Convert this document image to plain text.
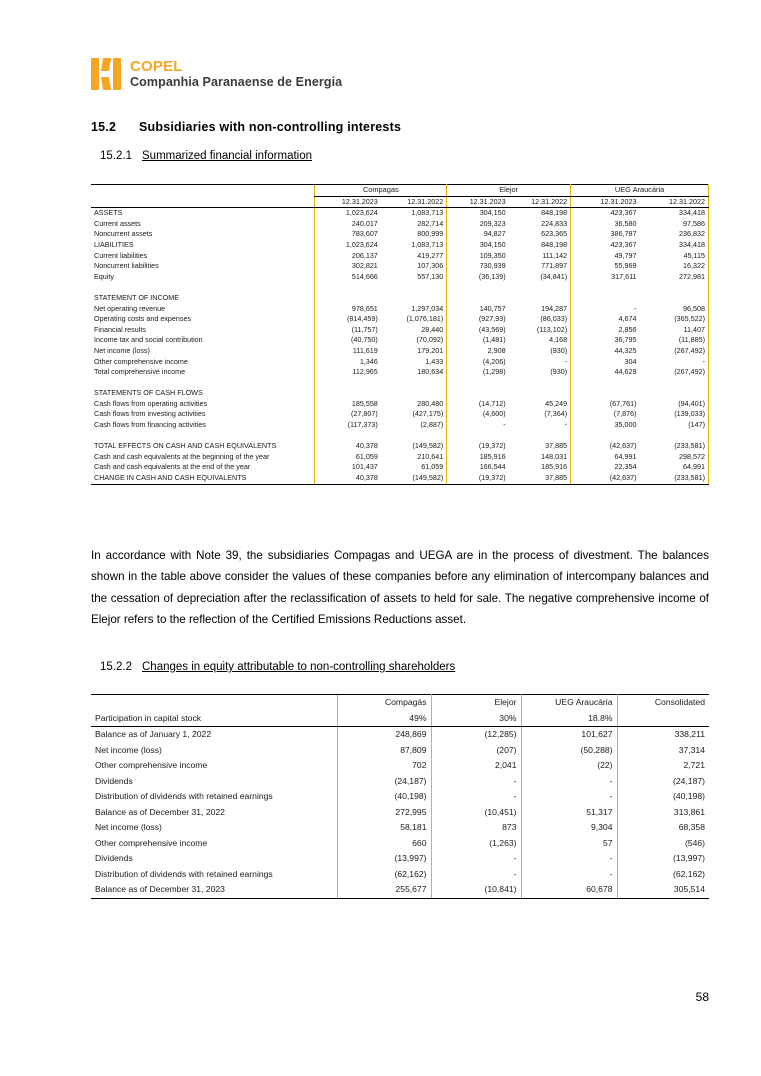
COPEL
Companhia Paranaense de Energia
15.2 Subsidiaries with non-controlling interests
15.2.1 Summarized financial information
	Compagas		Elejor		UEG Araucária	
	12.31.2023	12.31.2022	12.31.2023	12.31.2022	12.31.2023	12.31.2022
ASSETS	1,023,624	1,083,713	304,150	848,198	423,367	334,418
Current assets	240,017	282,714	209,323	224,833	36,580	97,586
Noncurrent assets	783,607	800,999	94,827	623,365	386,787	236,832
LIABILITIES	1,023,624	1,083,713	304,150	848,198	423,367	334,418
Current liabilities	206,137	419,277	109,350	111,142	49,797	45,115
Noncurrent liabilities	302,821	107,306	730,939	771,897	55,969	16,322
Equity	514,666	557,130	(36,139)	(34,841)	317,611	272,981

STATEMENT OF INCOME						
Net operating revenue	978,651	1,297,034	140,757	194,287	-	96,508
Operating costs and expenses	(814,459)	(1,076,181)	(927,93)	(86,033)	4,674	(365,522)
Financial results	(11,757)	28,440	(43,569)	(113,102)	2,856	11,407
Income tax and social contribution	(40,750)	(70,092)	(1,481)	4,168	36,795	(11,885)
Net income (loss)	111,619	179,201	2,908	(930)	44,325	(267,492)
Other comprehensive income	1,346	1,433	(4,206)	-	304	-
Total comprehensive income	112,965	180,634	(1,298)	(930)	44,629	(267,492)

STATEMENTS OF CASH FLOWS						
Cash flows from operating activities	185,558	280,480	(14,712)	45,249	(67,761)	(94,401)
Cash flows from investing activities	(27,807)	(427,175)	(4,600)	(7,364)	(7,876)	(139,033)
Cash flows from financing activities	(117,373)	(2,887)	-	-	35,000	(147)

TOTAL EFFECTS ON CASH AND CASH EQUIVALENTS	40,378	(149,582)	(19,372)	37,885	(42,637)	(233,581)
Cash and cash equivalents at the beginning of the year	61,059	210,641	185,916	148,031	64,991	298,572
Cash and cash equivalents at the end of the year	101,437	61,059	166,544	185,916	22,354	64,991
CHANGE IN CASH AND CASH EQUIVALENTS	40,378	(149,582)	(19,372)	37,885	(42,637)	(233,581)
In accordance with Note 39, the subsidiaries Compagas and UEGA are in the process of divestment. The balances shown in the table above consider the values of these companies before any elimination of intercompany balances and the cessation of depreciation after the reclassification of assets to held for sale. The negative comprehensive income of Elejor refers to the reflection of the Certified Emissions Reductions asset.
15.2.2 Changes in equity attributable to non-controlling shareholders
	Compagás	Elejor	UEG Araucária	Consolidated
Participation in capital stock	49%	30%	18.8%	
Balance as of January 1, 2022	248,869	(12,285)	101,627	338,211
Net income (loss)	87,809	(207)	(50,288)	37,314
Other comprehensive income	702	2,041	(22)	2,721
Dividends	(24,187)	-	-	(24,187)
Distribution of dividends with retained earnings	(40,198)	-	-	(40,198)
Balance as of December 31, 2022	272,995	(10,451)	51,317	313,861
Net income (loss)	58,181	873	9,304	68,358
Other comprehensive income	660	(1,263)	57	(546)
Dividends	(13,997)	-	-	(13,997)
Distribution of dividends with retained earnings	(62,162)	-	-	(62,162)
Balance as of December 31, 2023	255,677	(10,841)	60,678	305,514
58
